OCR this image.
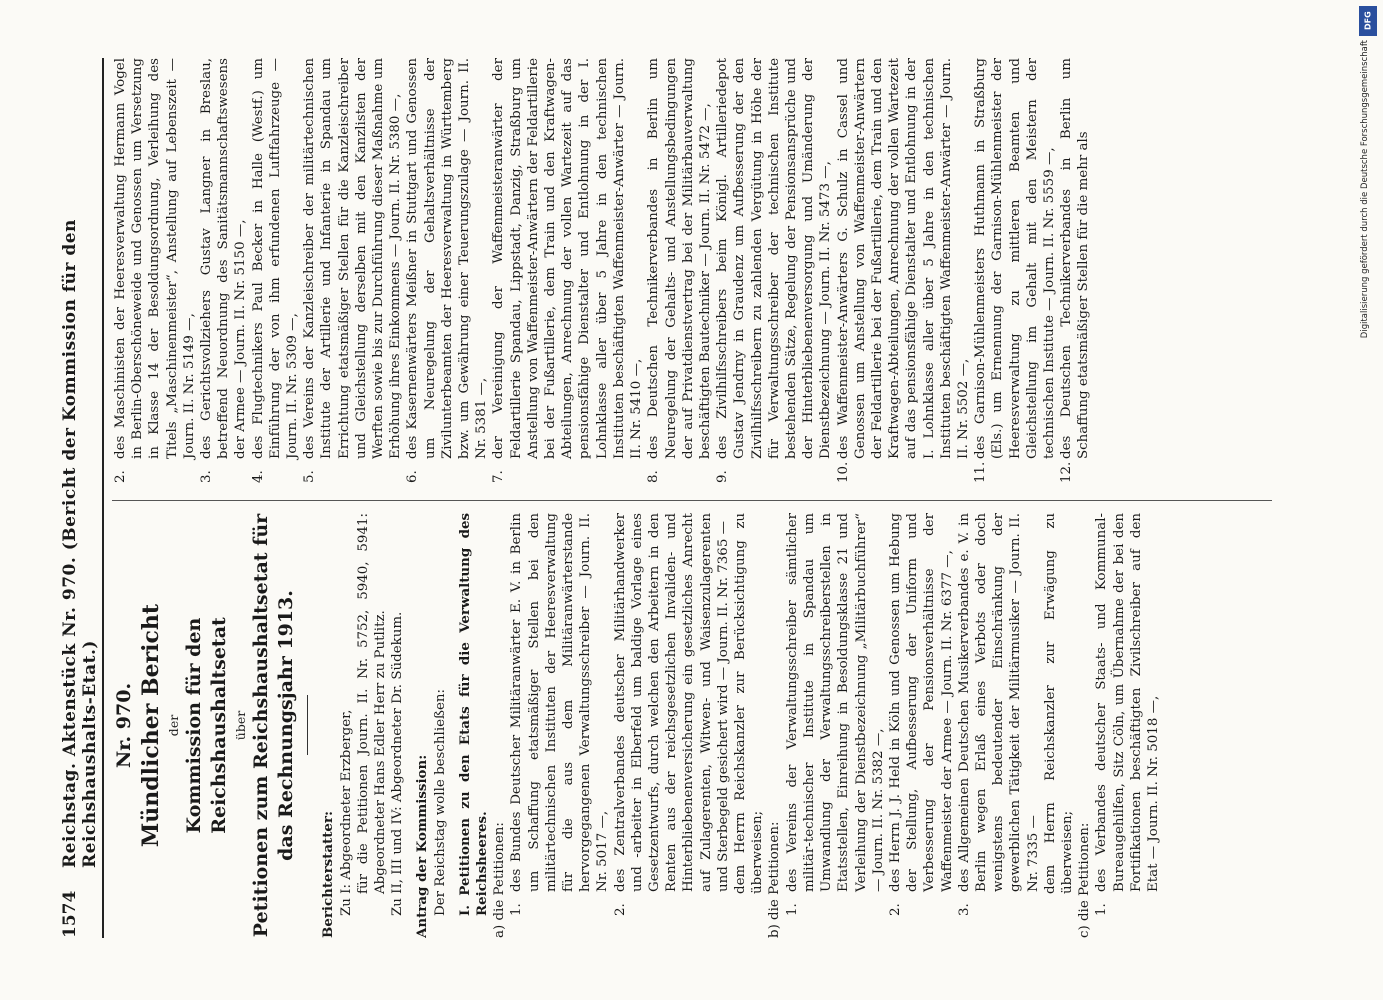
1574
Reichstag. Aktenstück Nr. 970. (Bericht der Kommission für den Reichshaushalts-Etat.) Nr. 970. Mündlicher Bericht der Kommission für den Reichshaushaltsetat über Petitionen zum Reichshaushaltsetat für das Rechnungsjahr 1913.

Berichterstatter: Zu I: Abgeordneter Erzberger, für die Petitionen Journ. II. Nr. 5752, 5940, 5941: Abgeordneter Hans Edler Herr zu Putlitz. Zu II, III und IV: Abgeordneter Dr. Südekum. Antrag der Kommission: Der Reichstag wolle beschließen: I. Petitionen zu den Etats für die Verwaltung des Reichsheeres. a) die Petitionen: 1.
des Bundes Deutscher Militäranwärter E. V. in Berlin um Schaffung etatsmäßiger Stellen bei den militärtechnischen Instituten der Heeresverwaltung für die aus dem Militäranwärterstande hervorgegangenen Verwaltungsschreiber — Journ. II. Nr. 5017 —,
2.
des Zentralverbandes deutscher Militärhandwerker und -arbeiter in Elberfeld um baldige Vorlage eines Gesetzentwurfs, durch welchen den Arbeitern in den Renten aus der reichsgesetzlichen Invaliden- und Hinterbliebenenversicherung ein gesetzliches Anrecht auf Zulagerenten, Witwen- und Waisenzulagerenten und Sterbegeld gesichert wird — Journ. II. Nr. 7365 — dem Herrn Reichskanzler zur Berücksichtigung zu überweisen; b) die Petitionen: 1.
des Vereins der Verwaltungsschreiber sämtlicher militär-technischer Institute in Spandau um Umwandlung der Verwaltungsschreiberstellen in Etatsstellen, Einreihung in Besoldungsklasse 21 und Verleihung der Dienstbezeichnung „Militärbuchführer“ — Journ. II. Nr. 5382 —,
2.
des Herrn J. J. Held in Köln und Genossen um Hebung der Stellung, Aufbesserung der Uniform und Verbesserung der Pensionsverhältnisse der Waffenmeister der Armee — Journ. II. Nr. 6377 —,
3.
des Allgemeinen Deutschen Musikerverbandes e. V. in Berlin wegen Erlaß eines Verbots oder doch wenigstens bedeutender Einschränkung der gewerblichen Tätigkeit der Militärmusiker — Journ. II. Nr. 7335 — dem Herrn Reichskanzler zur Erwägung zu überweisen; c) die Petitionen: 1.
des Verbandes deutscher Staats- und Kommunal-Bureaugehilfen, Sitz Cöln, um Übernahme der bei den Fortifikationen beschäftigten Zivilschreiber auf den Etat — Journ. II. Nr. 5018 —,
2.
des Maschinisten der Heeresverwaltung Hermann Vogel in Berlin-Oberschöneweide und Genossen um Versetzung in Klasse 14 der Besoldungsordnung, Verleihung des Titels „Maschinenmeister“, Anstellung auf Lebenszeit — Journ. II. Nr. 5149 —,
3.
des Gerichtsvollziehers Gustav Langner in Breslau, betreffend Neuordnung des Sanitätsmannschaftswesens der Armee — Journ. II. Nr. 5150 —,
4.
des Flugtechnikers Paul Becker in Halle (Westf.) um Einführung der von ihm erfundenen Luftfahrzeuge — Journ. II. Nr. 5309 —,
5.
des Vereins der Kanzleischreiber der militärtechnischen Institute der Artillerie und Infanterie in Spandau um Errichtung etatsmäßiger Stellen für die Kanzleischreiber und Gleichstellung derselben mit den Kanzlisten der Werften sowie bis zur Durchführung dieser Maßnahme um Erhöhung ihres Einkommens — Journ. II. Nr. 5380 —,
6.
des Kasernenwärters Meißner in Stuttgart und Genossen um Neuregelung der Gehaltsverhältnisse der Zivilunterbeamten der Heeresverwaltung in Württemberg bzw. um Gewährung einer Teuerungszulage — Journ. II. Nr. 5381 —,
7.
der Vereinigung der Waffenmeisteranwärter der Feldartillerie Spandau, Lippstadt, Danzig, Straßburg um Anstellung von Waffenmeister-Anwärtern der Feldartillerie bei der Fußartillerie, dem Train und den Kraftwagen-Abteilungen, Anrechnung der vollen Wartezeit auf das pensionsfähige Dienstalter und Entlohnung in der I. Lohnklasse aller über 5 Jahre in den technischen Instituten beschäftigten Waffenmeister-Anwärter — Journ. II. Nr. 5410 —,
8.
des Deutschen Technikerverbandes in Berlin um Neuregelung der Gehalts- und Anstellungsbedingungen der auf Privatdienstvertrag bei der Militärbauverwaltung beschäftigten Bautechniker — Journ. II. Nr. 5472 —,
9.
des Zivilhilfsschreibers beim Königl. Artilleriedepot Gustav Jendrny in Graudenz um Aufbesserung der den Zivilhilfsschreibern zu zahlenden Vergütung in Höhe der für Verwaltungsschreiber der technischen Institute bestehenden Sätze, Regelung der Pensionsansprüche und der Hinterbliebenenversorgung und Umänderung der Dienstbezeichnung — Journ. II. Nr. 5473 —,
10.
des Waffenmeister-Anwärters G. Schulz in Cassel und Genossen um Anstellung von Waffenmeister-Anwärtern der Feldartillerie bei der Fußartillerie, dem Train und den Kraftwagen-Abteilungen, Anrechnung der vollen Wartezeit auf das pensionsfähige Dienstalter und Entlohnung in der I. Lohnklasse aller über 5 Jahre in den technischen Instituten beschäftigten Waffenmeister-Anwärter — Journ. II. Nr. 5502 —,
11.
des Garnison-Mühlenmeisters Huthmann in Straßburg (Els.) um Ernennung der Garnison-Mühlenmeister der Heeresverwaltung zu mittleren Beamten und Gleichstellung im Gehalt mit den Meistern der technischen Institute — Journ. II. Nr. 5559 —,
12.
des Deutschen Technikerverbandes in Berlin um Schaffung etatsmäßiger Stellen für die mehr als
DFG
Digitalisierung gefördert durch die Deutsche Forschungsgemeinschaft
